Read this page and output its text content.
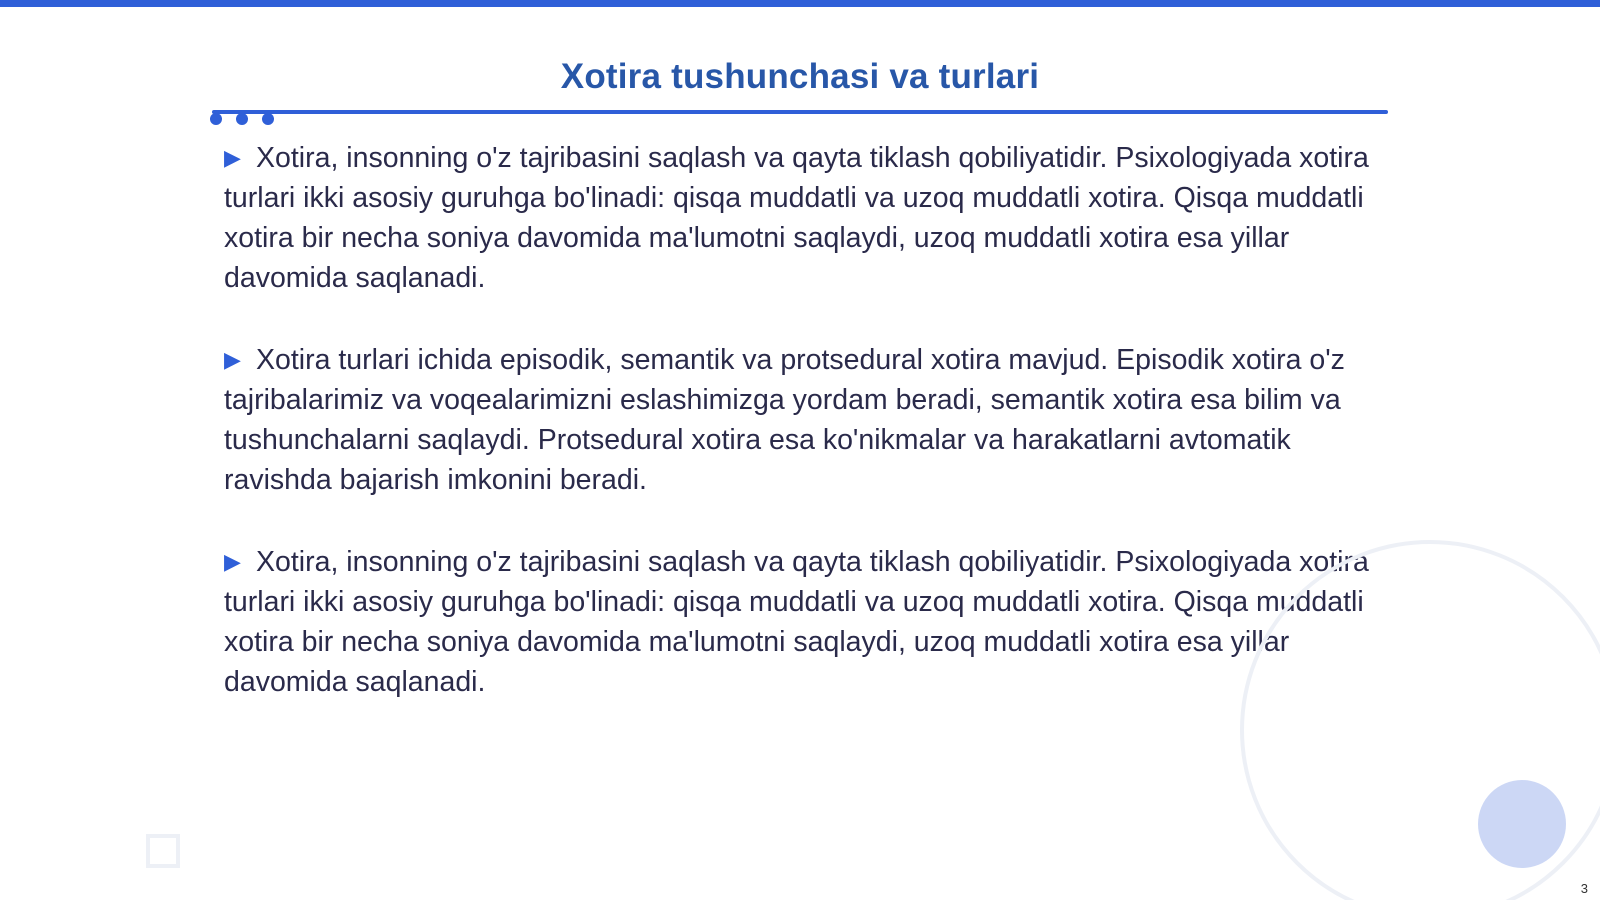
Xotira tushunchasi va turlari

▶ Xotira, insonning o'z tajribasini saqlash va qayta tiklash qobiliyatidir. Psixologiyada xotira turlari ikki asosiy guruhga bo'linadi: qisqa muddatli va uzoq muddatli xotira. Qisqa muddatli xotira bir necha soniya davomida ma'lumotni saqlaydi, uzoq muddatli xotira esa yillar davomida saqlanadi.

▶ Xotira turlari ichida episodik, semantik va protsedural xotira mavjud. Episodik xotira o'z tajribalarimiz va voqealarimizni eslashimizga yordam beradi, semantik xotira esa bilim va tushunchalarni saqlaydi. Protsedural xotira esa ko'nikmalar va harakatlarni avtomatik ravishda bajarish imkonini beradi.

▶ Xotira, insonning o'z tajribasini saqlash va qayta tiklash qobiliyatidir. Psixologiyada xotira turlari ikki asosiy guruhga bo'linadi: qisqa muddatli va uzoq muddatli xotira. Qisqa muddatli xotira bir necha soniya davomida ma'lumotni saqlaydi, uzoq muddatli xotira esa yillar davomida saqlanadi.

3
